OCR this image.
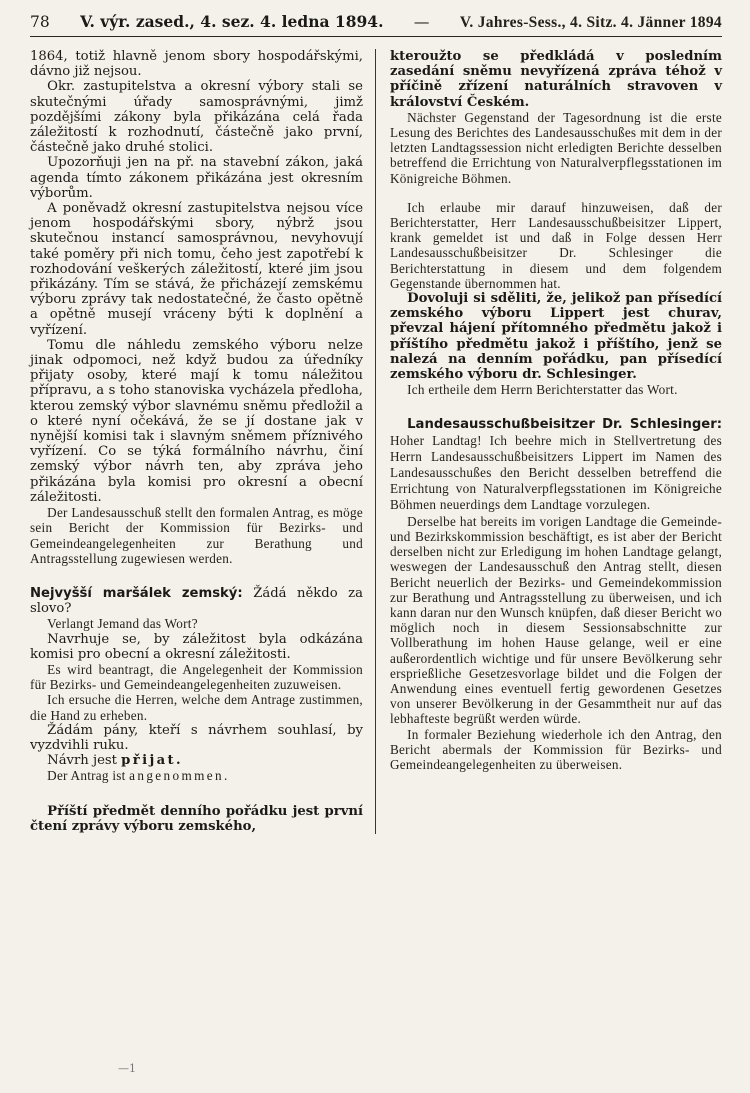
78 V. výr. zased., 4. sez. 4. ledna 1894. — V. Jahres-Sess., 4. Sitz. 4. Jänner 1894

1864, totiž hlavně jenom sbory hospodářskými, dávno již nejsou.

Okr. zastupitelstva a okresní výbory stali se skutečnými úřady samosprávnými, jimž pozdějšími zákony byla přikázána celá řada záležitostí k rozhodnutí, částečně jako první, částečně jako druhé stolici.

Upozorňuji jen na př. na stavební zákon, jaká agenda tímto zákonem přikázána jest okresním výborům.

A poněvadž okresní zastupitelstva nejsou více jenom hospodářskými sbory, nýbrž jsou skutečnou instancí samosprávnou, nevyhovují také poměry při nich tomu, čeho jest zapotřebí k rozhodování veškerých záležitostí, které jim jsou přikázány. Tím se stává, že přicházejí zemskému výboru zprávy tak nedostatečné, že často opětně a opětně musejí vráceny býti k doplnění a vyřízení.

Tomu dle náhledu zemského výboru nelze jinak odpomoci, než když budou za úředníky přijaty osoby, které mají k tomu náležitou přípravu, a s toho stanoviska vycházela předloha, kterou zemský výbor slavnému sněmu předložil a o které nyní očekává, že se jí dostane jak v nynější komisi tak i slavným sněmem příznivého vyřízení. Co se týká formálního návrhu, činí zemský výbor návrh ten, aby zpráva jeho přikázána byla komisi pro okresní a obecní záležitosti.

Der Landesausschuß stellt den formalen Antrag, es möge sein Bericht der Kommission für Bezirks- und Gemeindeangelegenheiten zur Berathung und Antragsstellung zugewiesen werden.

Nejvyšší maršálek zemský: Žádá někdo za slovo?

Verlangt Jemand das Wort?

Navrhuje se, by záležitost byla odkázána komisi pro obecní a okresní záležitosti.

Es wird beantragt, die Angelegenheit der Kommission für Bezirks- und Gemeindeangelegenheiten zuzuweisen.

Ich ersuche die Herren, welche dem Antrage zustimmen, die Hand zu erheben.

Žádám pány, kteří s návrhem souhlasí, by vyzdvihli ruku.

Návrh jest přijat.

Der Antrag ist angenommen.

Příští předmět denního pořádku jest první čtení zprávy výboru zemského,

kteroužto se předkládá v posledním zasedání sněmu nevyřízená zpráva téhož v příčině zřízení naturálních stravoven v království Českém.

Nächster Gegenstand der Tagesordnung ist die erste Lesung des Berichtes des Landesausschußes mit dem in der letzten Landtagssession nicht erledigten Berichte desselben betreffend die Errichtung von Naturalverpflegsstationen im Königreiche Böhmen.

Ich erlaube mir darauf hinzuweisen, daß der Berichterstatter, Herr Landesausschußbeisitzer Lippert, krank gemeldet ist und daß in Folge dessen Herr Landesausschußbeisitzer Dr. Schlesinger die Berichterstattung in diesem und dem folgendem Gegenstande übernommen hat.

Dovoluji si sděliti, že, jelikož pan přísedící zemského výboru Lippert jest churav, převzal hájení přítomného předmětu jakož i příštího předmětu jakož i příštího, jenž se nalezá na denním pořádku, pan přísedící zemského výboru dr. Schlesinger.

Ich ertheile dem Herrn Berichterstatter das Wort.

Landesausschußbeisitzer Dr. Schlesinger: Hoher Landtag! Ich beehre mich in Stellvertretung des Herrn Landesausschußbeisitzers Lippert im Namen des Landesausschußes den Bericht desselben betreffend die Errichtung von Naturalverpflegsstationen im Königreiche Böhmen neuerdings dem Landtage vorzulegen.

Derselbe hat bereits im vorigen Landtage die Gemeinde- und Bezirkskommission beschäftigt, es ist aber der Bericht derselben nicht zur Erledigung im hohen Landtage gelangt, weswegen der Landesausschuß den Antrag stellt, diesen Bericht neuerlich der Bezirks- und Gemeindekommission zur Berathung und Antragsstellung zu überweisen, und ich kann daran nur den Wunsch knüpfen, daß dieser Bericht wo möglich noch in diesem Sessionsabschnitte zur Vollberathung im hohen Hause gelange, weil er eine außerordentlich wichtige und für unsere Bevölkerung sehr ersprießliche Gesetzesvorlage bildet und die Folgen der Anwendung eines eventuell fertig gewordenen Gesetzes von unserer Bevölkerung in der Gesammtheit nur auf das lebhafteste begrüßt werden würde.

In formaler Beziehung wiederhole ich den Antrag, den Bericht abermals der Kommission für Bezirks- und Gemeindeangelegenheiten zu überweisen.

—1
